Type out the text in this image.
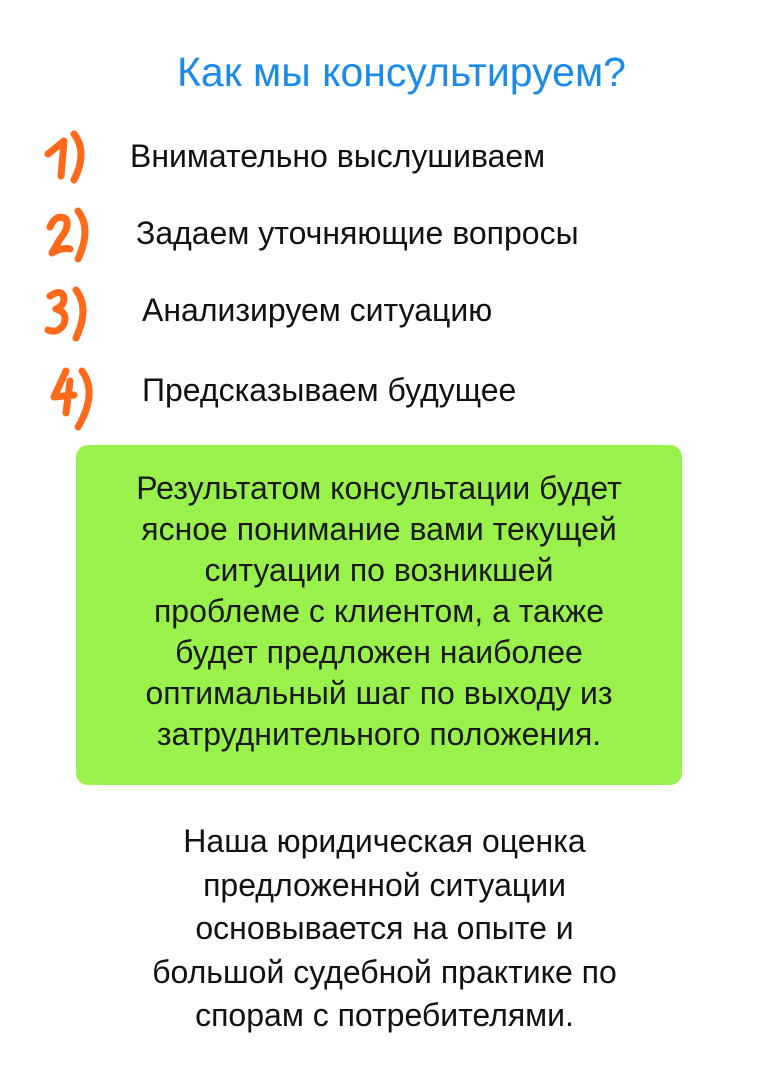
Как мы консультируем?
Внимательно выслушиваем
Задаем уточняющие вопросы
Анализируем ситуацию
Предсказываем будущее
Результатом консультации будет
ясное понимание вами текущей
ситуации по возникшей
проблеме с клиентом, а также
будет предложен наиболее
оптимальный шаг по выходу из
затруднительного положения.
Наша юридическая оценка
предложенной ситуации
основывается на опыте и
большой судебной практике по
спорам с потребителями.
